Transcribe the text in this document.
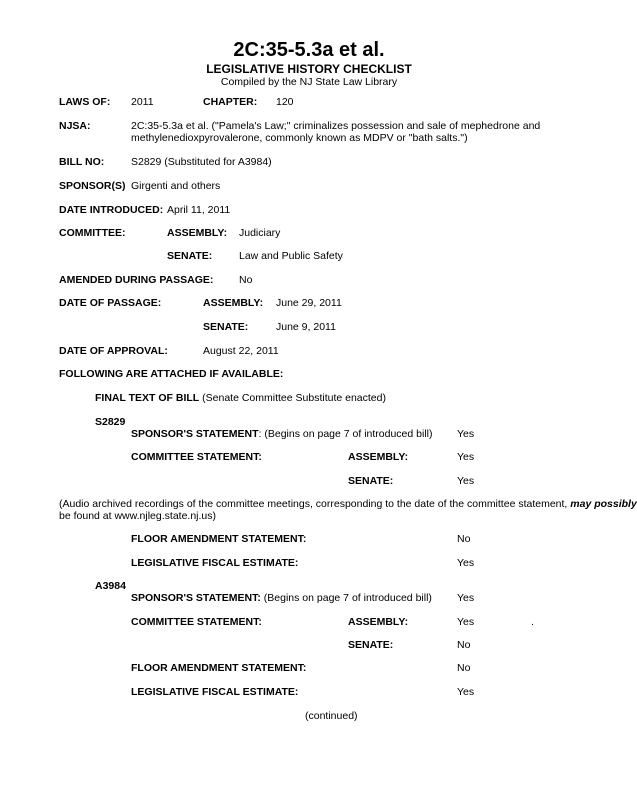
2C:35-5.3a et al.
LEGISLATIVE HISTORY CHECKLIST
Compiled by the NJ State Law Library
LAWS OF: 2011	CHAPTER: 120
NJSA:	2C:35-5.3a et al. ("Pamela's Law;" criminalizes possession and sale of mephedrone and
methylenedioxpyrovalerone, commonly known as MDPV or "bath salts.")
BILL NO:	S2829 (Substituted for A3984)
SPONSOR(S) Girgenti and others
DATE INTRODUCED: April 11, 2011
COMMITTEE:	ASSEMBLY: Judiciary
SENATE:	Law and Public Safety
AMENDED DURING PASSAGE: No
DATE OF PASSAGE:	ASSEMBLY: June 29, 2011
SENATE:	June 9, 2011
DATE OF APPROVAL:	August 22, 2011
FOLLOWING ARE ATTACHED IF AVAILABLE:
FINAL TEXT OF BILL (Senate Committee Substitute enacted)
S2829
SPONSOR'S STATEMENT: (Begins on page 7 of introduced bill) Yes
COMMITTEE STATEMENT:	ASSEMBLY:	Yes
SENATE:	Yes
(Audio archived recordings of the committee meetings, corresponding to the date of the committee statement, may possibly
be found at www.njleg.state.nj.us)
FLOOR AMENDMENT STATEMENT:	No
LEGISLATIVE FISCAL ESTIMATE:	Yes
A3984
SPONSOR'S STATEMENT: (Begins on page 7 of introduced bill) Yes
COMMITTEE STATEMENT:	ASSEMBLY:	Yes	.
SENATE:	No
FLOOR AMENDMENT STATEMENT:	No
LEGISLATIVE FISCAL ESTIMATE:	Yes
(continued)
